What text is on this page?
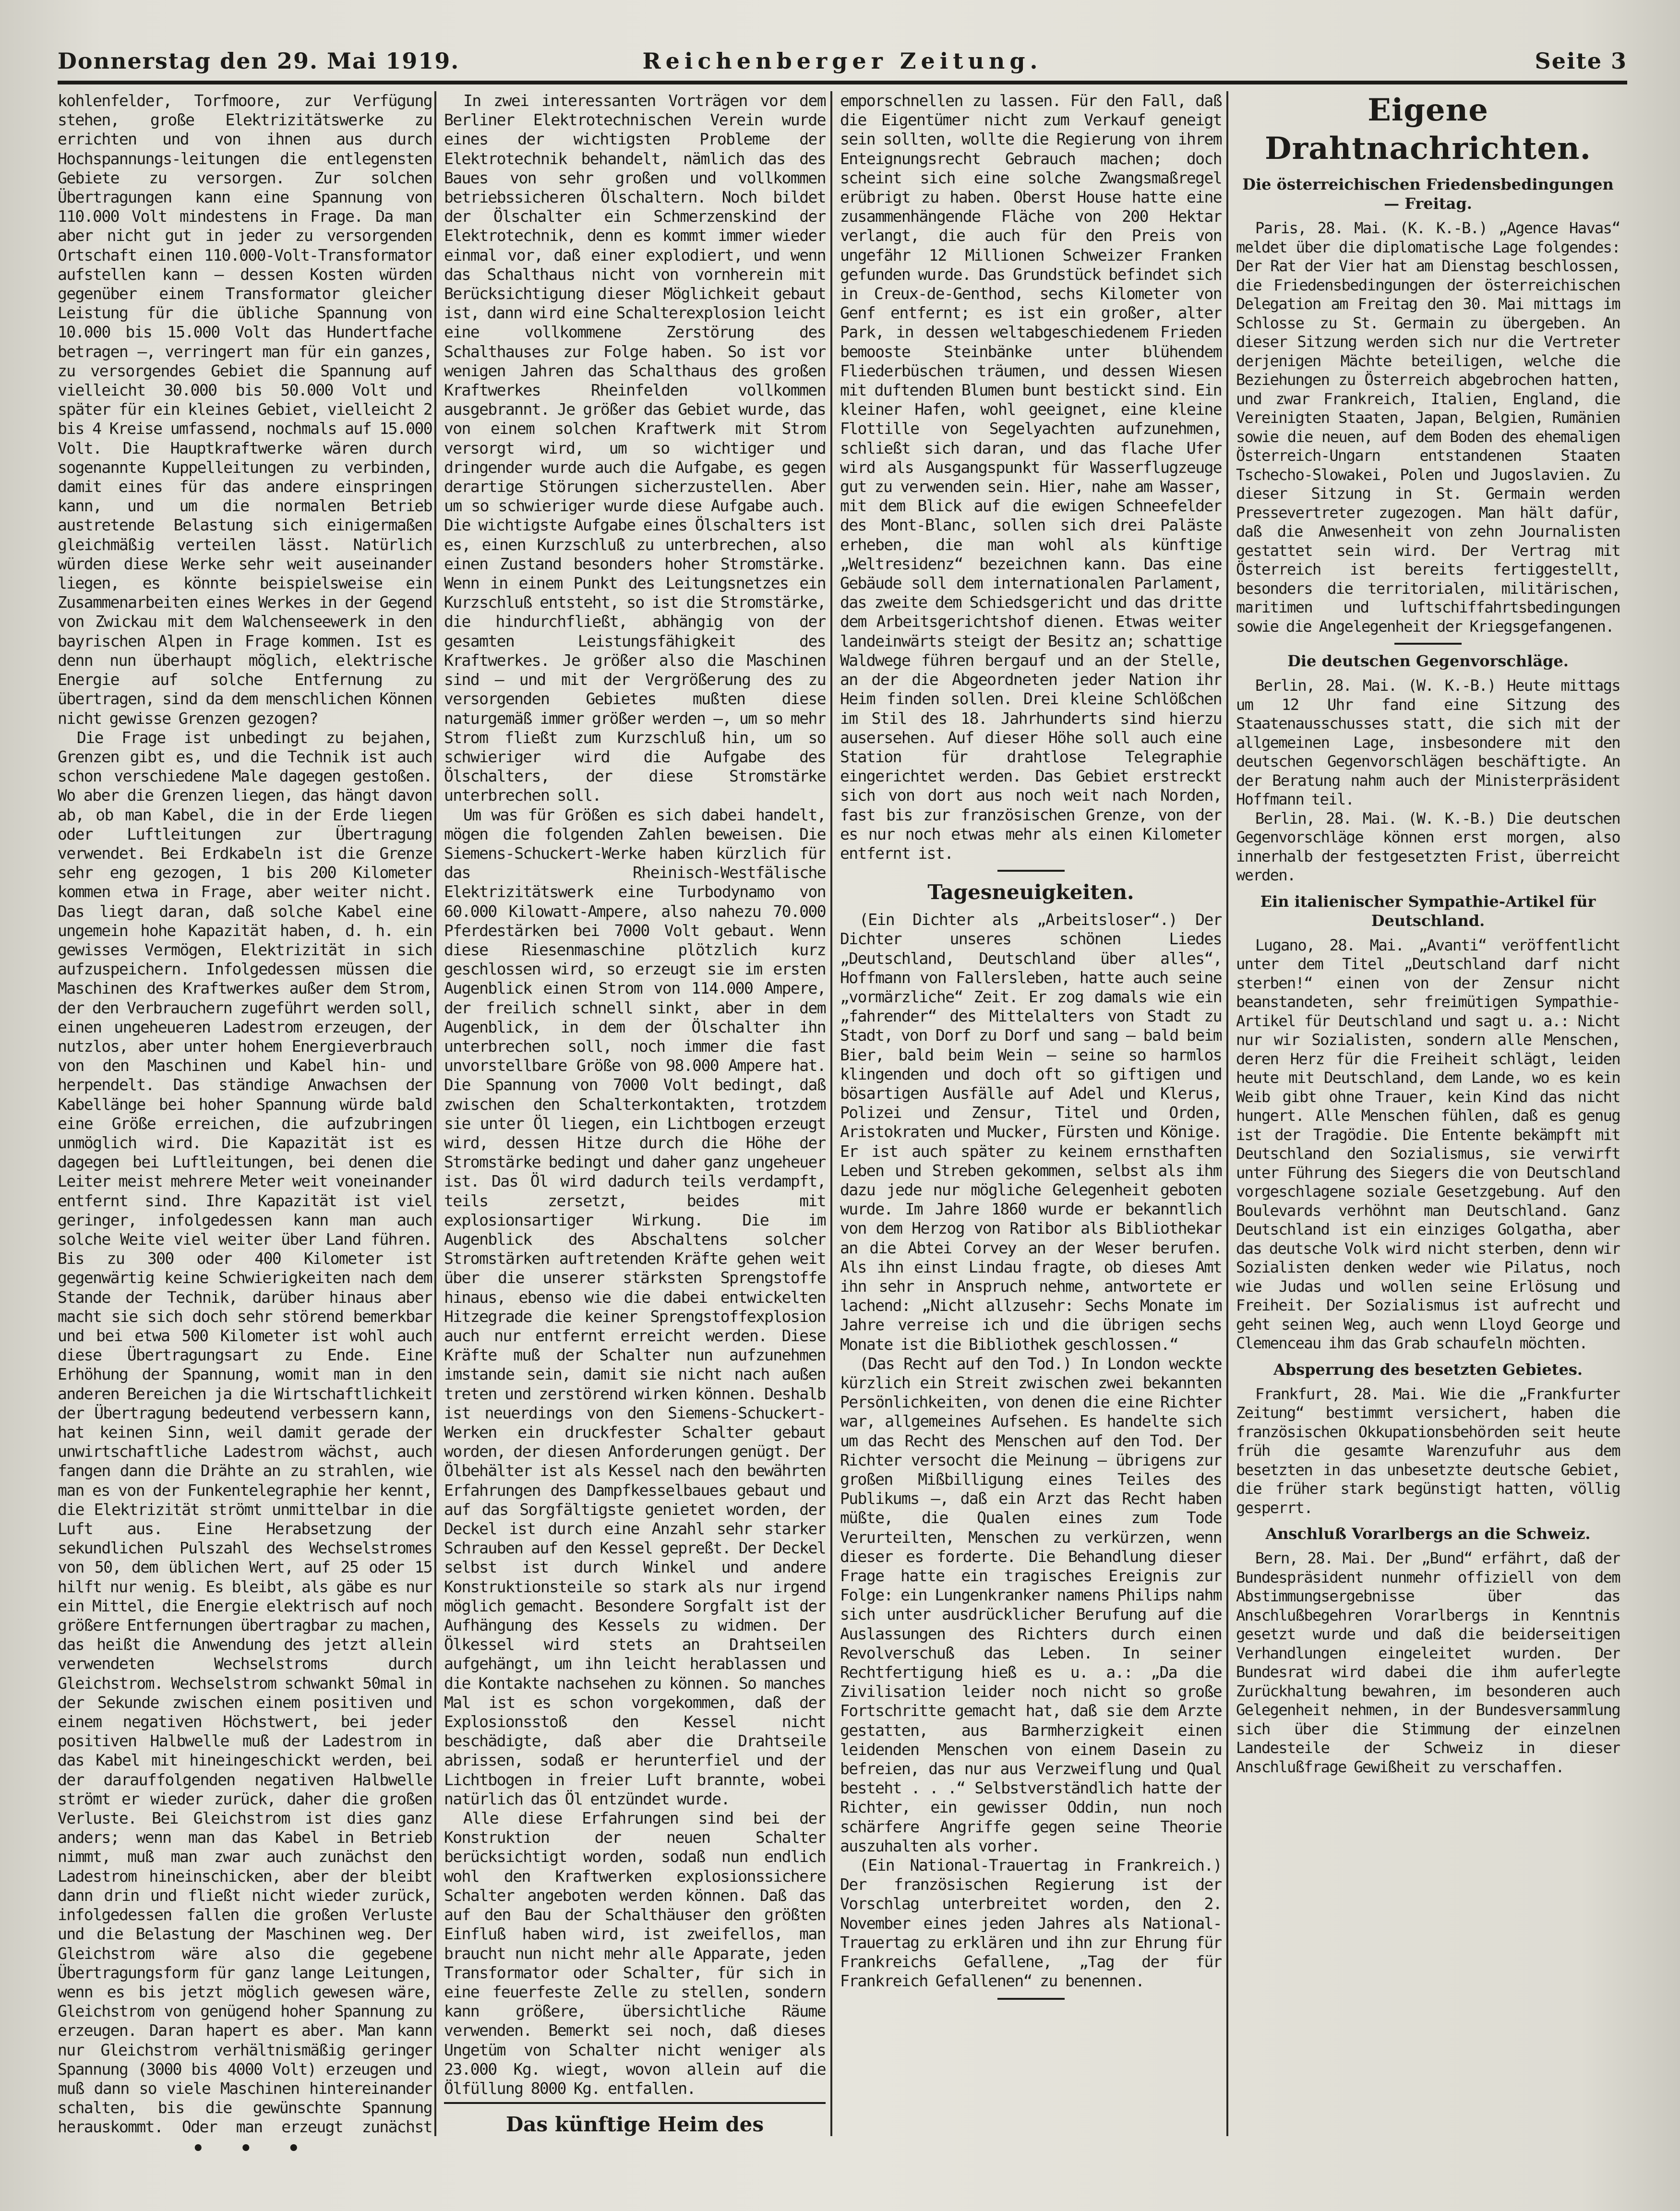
Donnerstag den 29. Mai 1919.	Reichenberger Zeitung.	Seite 3

kohlenfelder, Torfmoore, zur Verfügung stehen, große Elektrizitätswerke zu errichten und von ihnen aus durch Hochspannungs-leitungen die entlegensten Gebiete zu versorgen. Zur solchen Übertragungen kann eine Spannung von 110.000 Volt mindestens in Frage. Da man aber nicht gut in jeder zu versorgenden Ortschaft einen 110.000-Volt-Transformator aufstellen kann — dessen Kosten würden gegenüber einem Transformator gleicher Leistung für die übliche Spannung von 10.000 bis 15.000 Volt das Hundertfache betragen —, verringert man für ein ganzes, zu versorgendes Gebiet die Spannung auf vielleicht 30.000 bis 50.000 Volt und später für ein kleines Gebiet, vielleicht 2 bis 4 Kreise umfassend, nochmals auf 15.000 Volt. Die Hauptkraftwerke wären durch sogenannte Kuppelleitungen zu verbinden, damit eines für das andere einspringen kann, und um die normalen Betrieb austretende Belastung sich einigermaßen gleichmäßig verteilen lässt. Natürlich würden diese Werke sehr weit auseinander liegen, es könnte beispielsweise ein Zusammenarbeiten eines Werkes in der Gegend von Zwickau mit dem Walchenseewerk in den bayrischen Alpen in Frage kommen. Ist es denn nun überhaupt möglich, elektrische Energie auf solche Entfernung zu übertragen, sind da dem menschlichen Können nicht gewisse Grenzen gezogen?

Die Frage ist unbedingt zu bejahen, Grenzen gibt es, und die Technik ist auch schon verschiedene Male dagegen gestoßen. Wo aber die Grenzen liegen, das hängt davon ab, ob man Kabel, die in der Erde liegen oder Luftleitungen zur Übertragung verwendet. Bei Erdkabeln ist die Grenze sehr eng gezogen, 1 bis 200 Kilometer kommen etwa in Frage, aber weiter nicht. Das liegt daran, daß solche Kabel eine ungemein hohe Kapazität haben, d. h. ein gewisses Vermögen, Elektrizität in sich aufzuspeichern. Infolgedessen müssen die Maschinen des Kraftwerkes außer dem Strom, der den Verbrauchern zugeführt werden soll, einen ungeheueren Ladestrom erzeugen, der nutzlos, aber unter hohem Energieverbrauch von den Maschinen und Kabel hin- und herpendelt. Das ständige Anwachsen der Kabellänge bei hoher Spannung würde bald eine Größe erreichen, die aufzubringen unmöglich wird. Die Kapazität ist es dagegen bei Luftleitungen, bei denen die Leiter meist mehrere Meter weit voneinander entfernt sind. Ihre Kapazität ist viel geringer, infolgedessen kann man auch solche Weite viel weiter über Land führen. Bis zu 300 oder 400 Kilometer ist gegenwärtig keine Schwierigkeiten nach dem Stande der Technik, darüber hinaus aber macht sie sich doch sehr störend bemerkbar und bei etwa 500 Kilometer ist wohl auch diese Übertragungsart zu Ende. Eine Erhöhung der Spannung, womit man in den anderen Bereichen ja die Wirtschaftlichkeit der Übertragung bedeutend verbessern kann, hat keinen Sinn, weil damit gerade der unwirtschaftliche Ladestrom wächst, auch fangen dann die Drähte an zu strahlen, wie man es von der Funkentelegraphie her kennt, die Elektrizität strömt unmittelbar in die Luft aus. Eine Herabsetzung der sekundlichen Pulszahl des Wechselstromes von 50, dem üblichen Wert, auf 25 oder 15 hilft nur wenig. Es bleibt, als gäbe es nur ein Mittel, die Energie elektrisch auf noch größere Entfernungen übertragbar zu machen, das heißt die Anwendung des jetzt allein verwendeten Wechselstroms durch Gleichstrom. Wechselstrom schwankt 50mal in der Sekunde zwischen einem positiven und einem negativen Höchstwert, bei jeder positiven Halbwelle muß der Ladestrom in das Kabel mit hineingeschickt werden, bei der darauffolgenden negativen Halbwelle strömt er wieder zurück, daher die großen Verluste. Bei Gleichstrom ist dies ganz anders; wenn man das Kabel in Betrieb nimmt, muß man zwar auch zunächst den Ladestrom hineinschicken, aber der bleibt dann drin und fließt nicht wieder zurück, infolgedessen fallen die großen Verluste und die Belastung der Maschinen weg. Der Gleichstrom wäre also die gegebene Übertragungsform für ganz lange Leitungen, wenn es bis jetzt möglich gewesen wäre, Gleichstrom von genügend hoher Spannung zu erzeugen. Daran hapert es aber. Man kann nur Gleichstrom verhältnismäßig geringer Spannung (3000 bis 4000 Volt) erzeugen und muß dann so viele Maschinen hintereinander schalten, bis die gewünschte Spannung herauskommt. Oder man erzeugt zunächst

In zwei interessanten Vorträgen vor dem Berliner Elektrotechnischen Verein wurde eines der wichtigsten Probleme der Elektrotechnik behandelt, nämlich das des Baues von sehr großen und vollkommen betriebssicheren Ölschaltern. Noch bildet der Ölschalter ein Schmerzenskind der Elektrotechnik, denn es kommt immer wieder einmal vor, daß einer explodiert, und wenn das Schalthaus nicht von vornherein mit Berücksichtigung dieser Möglichkeit gebaut ist, dann wird eine Schalterexplosion leicht eine vollkommene Zerstörung des Schalthauses zur Folge haben. So ist vor wenigen Jahren das Schalthaus des großen Kraftwerkes Rheinfelden vollkommen ausgebrannt. Je größer das Gebiet wurde, das von einem solchen Kraftwerk mit Strom versorgt wird, um so wichtiger und dringender wurde auch die Aufgabe, es gegen derartige Störungen sicherzustellen. Aber um so schwieriger wurde diese Aufgabe auch. Die wichtigste Aufgabe eines Ölschalters ist es, einen Kurzschluß zu unterbrechen, also einen Zustand besonders hoher Stromstärke. Wenn in einem Punkt des Leitungsnetzes ein Kurzschluß entsteht, so ist die Stromstärke, die hindurchfließt, abhängig von der gesamten Leistungsfähigkeit des Kraftwerkes. Je größer also die Maschinen sind — und mit der Vergrößerung des zu versorgenden Gebietes mußten diese naturgemäß immer größer werden —, um so mehr Strom fließt zum Kurzschluß hin, um so schwieriger wird die Aufgabe des Ölschalters, der diese Stromstärke unterbrechen soll.

Um was für Größen es sich dabei handelt, mögen die folgenden Zahlen beweisen. Die Siemens-Schuckert-Werke haben kürzlich für das Rheinisch-Westfälische Elektrizitätswerk eine Turbodynamo von 60.000 Kilowatt-Ampere, also nahezu 70.000 Pferdestärken bei 7000 Volt gebaut. Wenn diese Riesenmaschine plötzlich kurz geschlossen wird, so erzeugt sie im ersten Augenblick einen Strom von 114.000 Ampere, der freilich schnell sinkt, aber in dem Augenblick, in dem der Ölschalter ihn unterbrechen soll, noch immer die fast unvorstellbare Größe von 98.000 Ampere hat. Die Spannung von 7000 Volt bedingt, daß zwischen den Schalterkontakten, trotzdem sie unter Öl liegen, ein Lichtbogen erzeugt wird, dessen Hitze durch die Höhe der Stromstärke bedingt und daher ganz ungeheuer ist. Das Öl wird dadurch teils verdampft, teils zersetzt, beides mit explosionsartiger Wirkung. Die im Augenblick des Abschaltens solcher Stromstärken auftretenden Kräfte gehen weit über die unserer stärksten Sprengstoffe hinaus, ebenso wie die dabei entwickelten Hitzegrade die keiner Sprengstoffexplosion auch nur entfernt erreicht werden. Diese Kräfte muß der Schalter nun aufzunehmen imstande sein, damit sie nicht nach außen treten und zerstörend wirken können. Deshalb ist neuerdings von den Siemens-Schuckert-Werken ein druckfester Schalter gebaut worden, der diesen Anforderungen genügt. Der Ölbehälter ist als Kessel nach den bewährten Erfahrungen des Dampfkesselbaues gebaut und auf das Sorgfältigste genietet worden, der Deckel ist durch eine Anzahl sehr starker Schrauben auf den Kessel gepreßt. Der Deckel selbst ist durch Winkel und andere Konstruktionsteile so stark als nur irgend möglich gemacht. Besondere Sorgfalt ist der Aufhängung des Kessels zu widmen. Der Ölkessel wird stets an Drahtseilen aufgehängt, um ihn leicht herablassen und die Kontakte nachsehen zu können. So manches Mal ist es schon vorgekommen, daß der Explosionsstoß den Kessel nicht beschädigte, daß aber die Drahtseile abrissen, sodaß er herunterfiel und der Lichtbogen in freier Luft brannte, wobei natürlich das Öl entzündet wurde.

Alle diese Erfahrungen sind bei der Konstruktion der neuen Schalter berücksichtigt worden, sodaß nun endlich wohl den Kraftwerken explosionssichere Schalter angeboten werden können. Daß das auf den Bau der Schalthäuser den größten Einfluß haben wird, ist zweifellos, man braucht nun nicht mehr alle Apparate, jeden Transformator oder Schalter, für sich in eine feuerfeste Zelle zu stellen, sondern kann größere, übersichtliche Räume verwenden. Bemerkt sei noch, daß dieses Ungetüm von Schalter nicht weniger als 23.000 Kg. wiegt, wovon allein auf die Ölfüllung 8000 Kg. entfallen.

Das künftige Heim des

emporschnellen zu lassen. Für den Fall, daß die Eigentümer nicht zum Verkauf geneigt sein sollten, wollte die Regierung von ihrem Enteignungsrecht Gebrauch machen; doch scheint sich eine solche Zwangsmaßregel erübrigt zu haben. Oberst House hatte eine zusammenhängende Fläche von 200 Hektar verlangt, die auch für den Preis von ungefähr 12 Millionen Schweizer Franken gefunden wurde. Das Grundstück befindet sich in Creux-de-Genthod, sechs Kilometer von Genf entfernt; es ist ein großer, alter Park, in dessen weltabgeschiedenem Frieden bemooste Steinbänke unter blühendem Fliederbüschen träumen, und dessen Wiesen mit duftenden Blumen bunt bestickt sind. Ein kleiner Hafen, wohl geeignet, eine kleine Flottille von Segelyachten aufzunehmen, schließt sich daran, und das flache Ufer wird als Ausgangspunkt für Wasserflugzeuge gut zu verwenden sein. Hier, nahe am Wasser, mit dem Blick auf die ewigen Schneefelder des Mont-Blanc, sollen sich drei Paläste erheben, die man wohl als künftige „Weltresidenz“ bezeichnen kann. Das eine Gebäude soll dem internationalen Parlament, das zweite dem Schiedsgericht und das dritte dem Arbeitsgerichtshof dienen. Etwas weiter landeinwärts steigt der Besitz an; schattige Waldwege führen bergauf und an der Stelle, an der die Abgeordneten jeder Nation ihr Heim finden sollen. Drei kleine Schlößchen im Stil des 18. Jahrhunderts sind hierzu ausersehen. Auf dieser Höhe soll auch eine Station für drahtlose Telegraphie eingerichtet werden. Das Gebiet erstreckt sich von dort aus noch weit nach Norden, fast bis zur französischen Grenze, von der es nur noch etwas mehr als einen Kilometer entfernt ist.

Tagesneuigkeiten.

(Ein Dichter als „Arbeitsloser“.) Der Dichter unseres schönen Liedes „Deutschland, Deutschland über alles“, Hoffmann von Fallersleben, hatte auch seine „vormärzliche“ Zeit. Er zog damals wie ein „fahrender“ des Mittelalters von Stadt zu Stadt, von Dorf zu Dorf und sang — bald beim Bier, bald beim Wein — seine so harmlos klingenden und doch oft so giftigen und bösartigen Ausfälle auf Adel und Klerus, Polizei und Zensur, Titel und Orden, Aristokraten und Mucker, Fürsten und Könige. Er ist auch später zu keinem ernsthaften Leben und Streben gekommen, selbst als ihm dazu jede nur mögliche Gelegenheit geboten wurde. Im Jahre 1860 wurde er bekanntlich von dem Herzog von Ratibor als Bibliothekar an die Abtei Corvey an der Weser berufen. Als ihn einst Lindau fragte, ob dieses Amt ihn sehr in Anspruch nehme, antwortete er lachend: „Nicht allzusehr: Sechs Monate im Jahre verreise ich und die übrigen sechs Monate ist die Bibliothek geschlossen.“

(Das Recht auf den Tod.) In London weckte kürzlich ein Streit zwischen zwei bekannten Persönlichkeiten, von denen die eine Richter war, allgemeines Aufsehen. Es handelte sich um das Recht des Menschen auf den Tod. Der Richter versocht die Meinung — übrigens zur großen Mißbilligung eines Teiles des Publikums —, daß ein Arzt das Recht haben müßte, die Qualen eines zum Tode Verurteilten, Menschen zu verkürzen, wenn dieser es forderte. Die Behandlung dieser Frage hatte ein tragisches Ereignis zur Folge: ein Lungenkranker namens Philips nahm sich unter ausdrücklicher Berufung auf die Auslassungen des Richters durch einen Revolverschuß das Leben. In seiner Rechtfertigung hieß es u. a.: „Da die Zivilisation leider noch nicht so große Fortschritte gemacht hat, daß sie dem Arzte gestatten, aus Barmherzigkeit einen leidenden Menschen von einem Dasein zu befreien, das nur aus Verzweiflung und Qual besteht . . .“ Selbstverständlich hatte der Richter, ein gewisser Oddin, nun noch schärfere Angriffe gegen seine Theorie auszuhalten als vorher.

(Ein National-Trauertag in Frankreich.) Der französischen Regierung ist der Vorschlag unterbreitet worden, den 2. November eines jeden Jahres als National-Trauertag zu erklären und ihn zur Ehrung für Frankreichs Gefallene, „Tag der für Frankreich Gefallenen“ zu benennen.

Eigene Drahtnachrichten.
Die österreichischen Friedensbedingungen — Freitag.

Paris, 28. Mai. (K. K.-B.) „Agence Havas“ meldet über die diplomatische Lage folgendes: Der Rat der Vier hat am Dienstag beschlossen, die Friedensbedingungen der österreichischen Delegation am Freitag den 30. Mai mittags im Schlosse zu St. Germain zu übergeben. An dieser Sitzung werden sich nur die Vertreter derjenigen Mächte beteiligen, welche die Beziehungen zu Österreich abgebrochen hatten, und zwar Frankreich, Italien, England, die Vereinigten Staaten, Japan, Belgien, Rumänien sowie die neuen, auf dem Boden des ehemaligen Österreich-Ungarn entstandenen Staaten Tschecho-Slowakei, Polen und Jugoslavien. Zu dieser Sitzung in St. Germain werden Pressevertreter zugezogen. Man hält dafür, daß die Anwesenheit von zehn Journalisten gestattet sein wird. Der Vertrag mit Österreich ist bereits fertiggestellt, besonders die territorialen, militärischen, maritimen und luftschiffahrtsbedingungen sowie die Angelegenheit der Kriegsgefangenen.

Die deutschen Gegenvorschläge.

Berlin, 28. Mai. (W. K.-B.) Heute mittags um 12 Uhr fand eine Sitzung des Staatenausschusses statt, die sich mit der allgemeinen Lage, insbesondere mit den deutschen Gegenvorschlägen beschäftigte. An der Beratung nahm auch der Ministerpräsident Hoffmann teil.

Berlin, 28. Mai. (W. K.-B.) Die deutschen Gegenvorschläge können erst morgen, also innerhalb der festgesetzten Frist, überreicht werden.

Ein italienischer Sympathie-Artikel für Deutschland.

Lugano, 28. Mai. „Avanti“ veröffentlicht unter dem Titel „Deutschland darf nicht sterben!“ einen von der Zensur nicht beanstandeten, sehr freimütigen Sympathie-Artikel für Deutschland und sagt u. a.: Nicht nur wir Sozialisten, sondern alle Menschen, deren Herz für die Freiheit schlägt, leiden heute mit Deutschland, dem Lande, wo es kein Weib gibt ohne Trauer, kein Kind das nicht hungert. Alle Menschen fühlen, daß es genug ist der Tragödie. Die Entente bekämpft mit Deutschland den Sozialismus, sie verwirft unter Führung des Siegers die von Deutschland vorgeschlagene soziale Gesetzgebung. Auf den Boulevards verhöhnt man Deutschland. Ganz Deutschland ist ein einziges Golgatha, aber das deutsche Volk wird nicht sterben, denn wir Sozialisten denken weder wie Pilatus, noch wie Judas und wollen seine Erlösung und Freiheit. Der Sozialismus ist aufrecht und geht seinen Weg, auch wenn Lloyd George und Clemenceau ihm das Grab schaufeln möchten.

Absperrung des besetzten Gebietes.

Frankfurt, 28. Mai. Wie die „Frankfurter Zeitung“ bestimmt versichert, haben die französischen Okkupationsbehörden seit heute früh die gesamte Warenzufuhr aus dem besetzten in das unbesetzte deutsche Gebiet, die früher stark begünstigt hatten, völlig gesperrt.

Anschluß Vorarlbergs an die Schweiz.

Bern, 28. Mai. Der „Bund“ erfährt, daß der Bundespräsident nunmehr offiziell von dem Abstimmungsergebnisse über das Anschlußbegehren Vorarlbergs in Kenntnis gesetzt wurde und daß die beiderseitigen Verhandlungen eingeleitet wurden. Der Bundesrat wird dabei die ihm auferlegte Zurückhaltung bewahren, im besonderen auch Gelegenheit nehmen, in der Bundesversammlung sich über die Stimmung der einzelnen Landesteile der Schweiz in dieser Anschlußfrage Gewißheit zu verschaffen.

• • •
